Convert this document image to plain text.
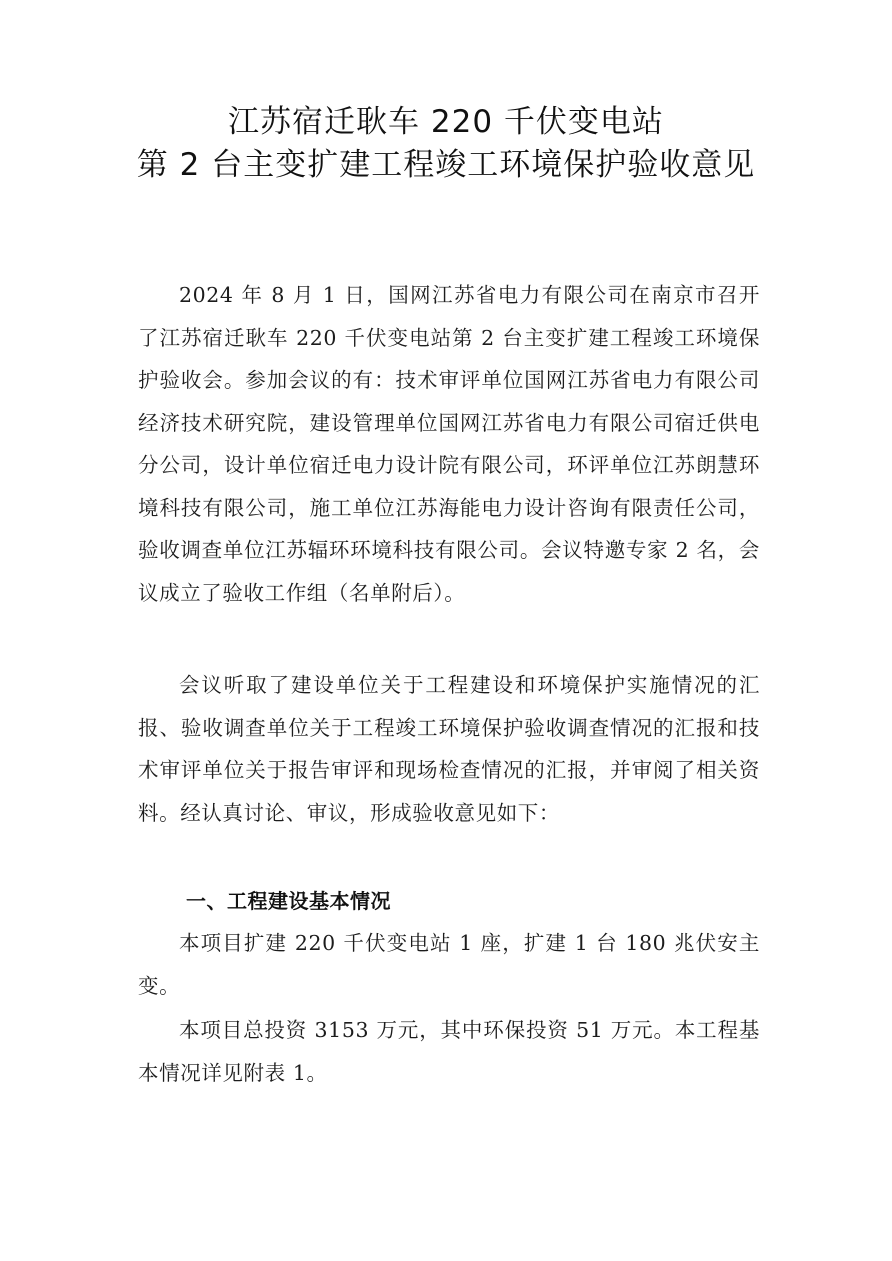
江苏宿迁耿车 220 千伏变电站
第 2 台主变扩建工程竣工环境保护验收意见

2024 年 8 月 1 日，国网江苏省电力有限公司在南京市召开了江苏宿迁耿车 220 千伏变电站第 2 台主变扩建工程竣工环境保护验收会。参加会议的有：技术审评单位国网江苏省电力有限公司经济技术研究院，建设管理单位国网江苏省电力有限公司宿迁供电分公司，设计单位宿迁电力设计院有限公司，环评单位江苏朗慧环境科技有限公司，施工单位江苏海能电力设计咨询有限责任公司，验收调查单位江苏辐环环境科技有限公司。会议特邀专家 2 名，会议成立了验收工作组（名单附后）。

会议听取了建设单位关于工程建设和环境保护实施情况的汇报、验收调查单位关于工程竣工环境保护验收调查情况的汇报和技术审评单位关于报告审评和现场检查情况的汇报，并审阅了相关资料。经认真讨论、审议，形成验收意见如下：

一、工程建设基本情况

本项目扩建 220 千伏变电站 1 座，扩建 1 台 180 兆伏安主变。

本项目总投资 3153 万元，其中环保投资 51 万元。本工程基本情况详见附表 1。
